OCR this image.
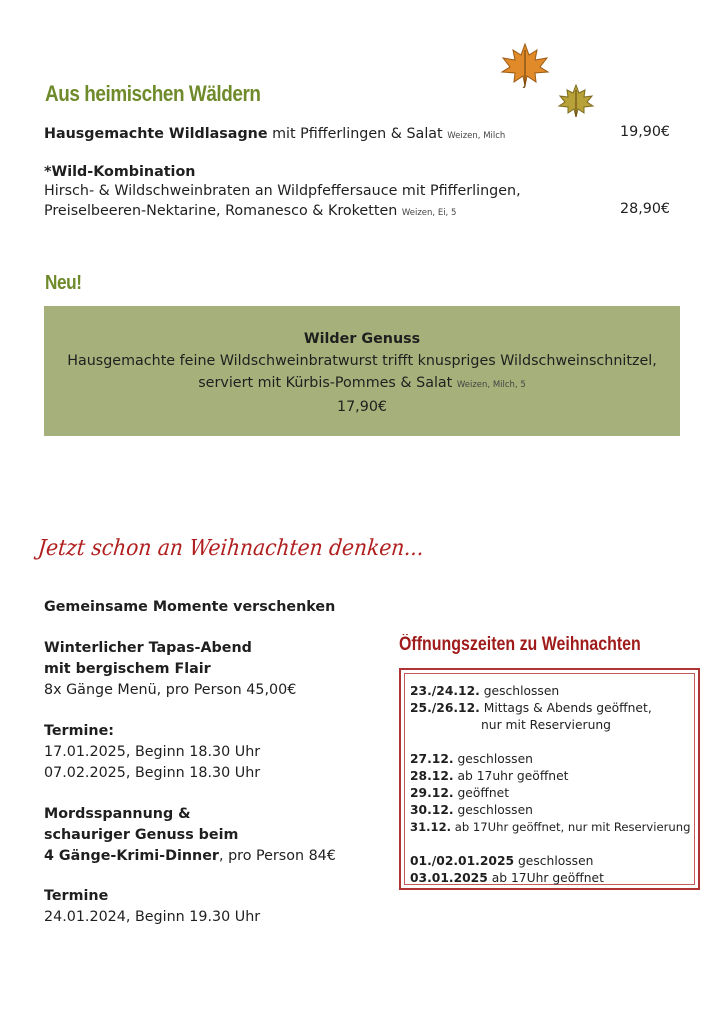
Aus heimischen Wäldern
Hausgemachte Wildlasagne mit Pfifferlingen & Salat Weizen, Milch	19,90€
*Wild-Kombination
Hirsch- & Wildschweinbraten an Wildpfeffersauce mit Pfifferlingen,
Preiselbeeren-Nektarine, Romanesco & Kroketten Weizen, Ei, 5	28,90€
Neu!
Wilder Genuss
Hausgemachte feine Wildschweinbratwurst trifft knuspriges Wildschweinschnitzel,
serviert mit Kürbis-Pommes & Salat Weizen, Milch, 5
17,90€
Jetzt schon an Weihnachten denken...
Gemeinsame Momente verschenken
Winterlicher Tapas-Abend
mit bergischem Flair
8x Gänge Menü, pro Person 45,00€
Termine:
17.01.2025, Beginn 18.30 Uhr
07.02.2025, Beginn 18.30 Uhr
Mordsspannung &
schauriger Genuss beim
4 Gänge-Krimi-Dinner, pro Person 84€
Termine
24.01.2024, Beginn 19.30 Uhr
Öffnungszeiten zu Weihnachten
23./24.12. geschlossen
25./26.12. Mittags & Abends geöffnet,
nur mit Reservierung
27.12. geschlossen
28.12. ab 17uhr geöffnet
29.12. geöffnet
30.12. geschlossen
31.12. ab 17Uhr geöffnet, nur mit Reservierung
01./02.01.2025 geschlossen
03.01.2025 ab 17Uhr geöffnet
